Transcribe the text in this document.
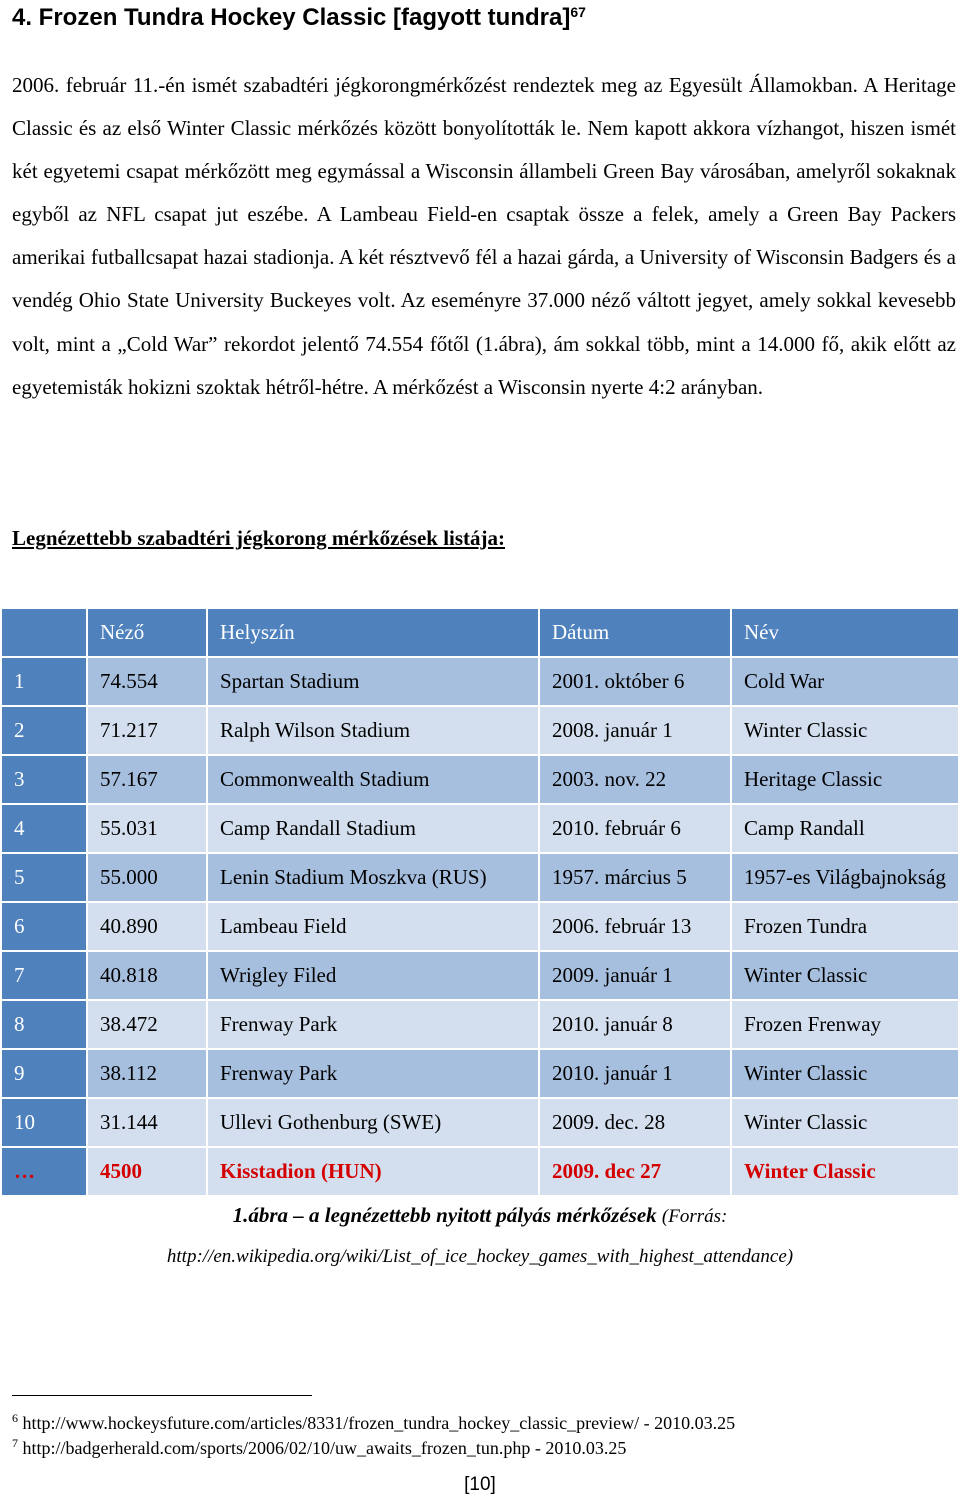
4. Frozen Tundra Hockey Classic [fagyott tundra]$^{67}$

2006. február 11.-én ismét szabadtéri jégkorongmérkőzést rendeztek meg az Egyesült Államokban. A Heritage Classic és az első Winter Classic mérkőzés között bonyolították le. Nem kapott akkora vízhangot, hiszen ismét két egyetemi csapat mérkőzött meg egymással a Wisconsin állambeli Green Bay városában, amelyről sokaknak egyből az NFL csapat jut eszébe. A Lambeau Field-en csaptak össze a felek, amely a Green Bay Packers amerikai futballcsapat hazai stadionja. A két résztvevő fél a hazai gárda, a University of Wisconsin Badgers és a vendég Ohio State University Buckeyes volt. Az eseményre 37.000 néző váltott jegyet, amely sokkal kevesebb volt, mint a „Cold War” rekordot jelentő 74.554 főtől (1.ábra), ám sokkal több, mint a 14.000 fő, akik előtt az egyetemisták hokizni szoktak hétről-hétre. A mérkőzést a Wisconsin nyerte 4:2 arányban.

Legnézettebb szabadtéri jégkorong mérkőzések listája:

	Néző	Helyszín	Dátum	Név
1	74.554	Spartan Stadium	2001. október 6	Cold War
2	71.217	Ralph Wilson Stadium	2008. január 1	Winter Classic
3	57.167	Commonwealth Stadium	2003. nov. 22	Heritage Classic
4	55.031	Camp Randall Stadium	2010. február 6	Camp Randall
5	55.000	Lenin Stadium Moszkva (RUS)	1957. március 5	1957-es Világbajnokság
6	40.890	Lambeau Field	2006. február 13	Frozen Tundra
7	40.818	Wrigley Filed	2009. január 1	Winter Classic
8	38.472	Frenway Park	2010. január 8	Frozen Frenway
9	38.112	Frenway Park	2010. január 1	Winter Classic
10	31.144	Ullevi Gothenburg (SWE)	2009. dec. 28	Winter Classic
…	4500	Kisstadion (HUN)	2009. dec 27	Winter Classic
1.ábra – a legnézettebb nyitott pályás mérkőzések (Forrás:
http://en.wikipedia.org/wiki/List_of_ice_hockey_games_with_highest_attendance)

$^6$ http://www.hockeysfuture.com/articles/8331/frozen_tundra_hockey_classic_preview/ - 2010.03.25

$^7$ http://badgerherald.com/sports/2006/02/10/uw_awaits_frozen_tun.php - 2010.03.25

[10]
